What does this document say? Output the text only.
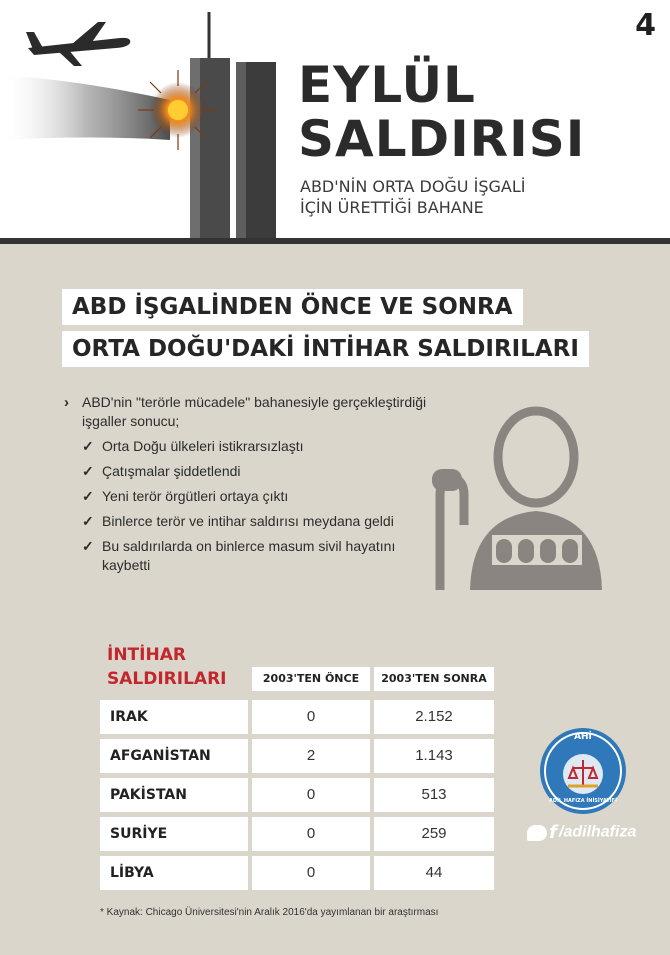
4
EYLÜL
SALDIRISI
ABD'NİN ORTA DOĞU İŞGALİ
İÇİN ÜRETTİĞİ BAHANE
ABD İŞGALİNDEN ÖNCE VE SONRA
ORTA DOĞU'DAKİ İNTİHAR SALDIRILARI
› ABD'nin "terörle mücadele" bahanesiyle gerçekleştirdiği işgaller sonucu;
✓ Orta Doğu ülkeleri istikrarsızlaştı
✓ Çatışmalar şiddetlendi
✓ Yeni terör örgütleri ortaya çıktı
✓ Binlerce terör ve intihar saldırısı meydana geldi
✓ Bu saldırılarda on binlerce masum sivil hayatını kaybetti
İNTİHAR
SALDIRILARI	2003'TEN ÖNCE	2003'TEN SONRA
IRAK	0	2.152
AFGANİSTAN	2	1.143
PAKİSTAN	0	513
SURİYE	0	259
LİBYA	0	44
* Kaynak: Chicago Üniversitesi'nin Aralık 2016'da yayımlanan bir araştırması
AHİ
ADİL HAFIZA İNİSİYATİFİ
f /adilhafiza
